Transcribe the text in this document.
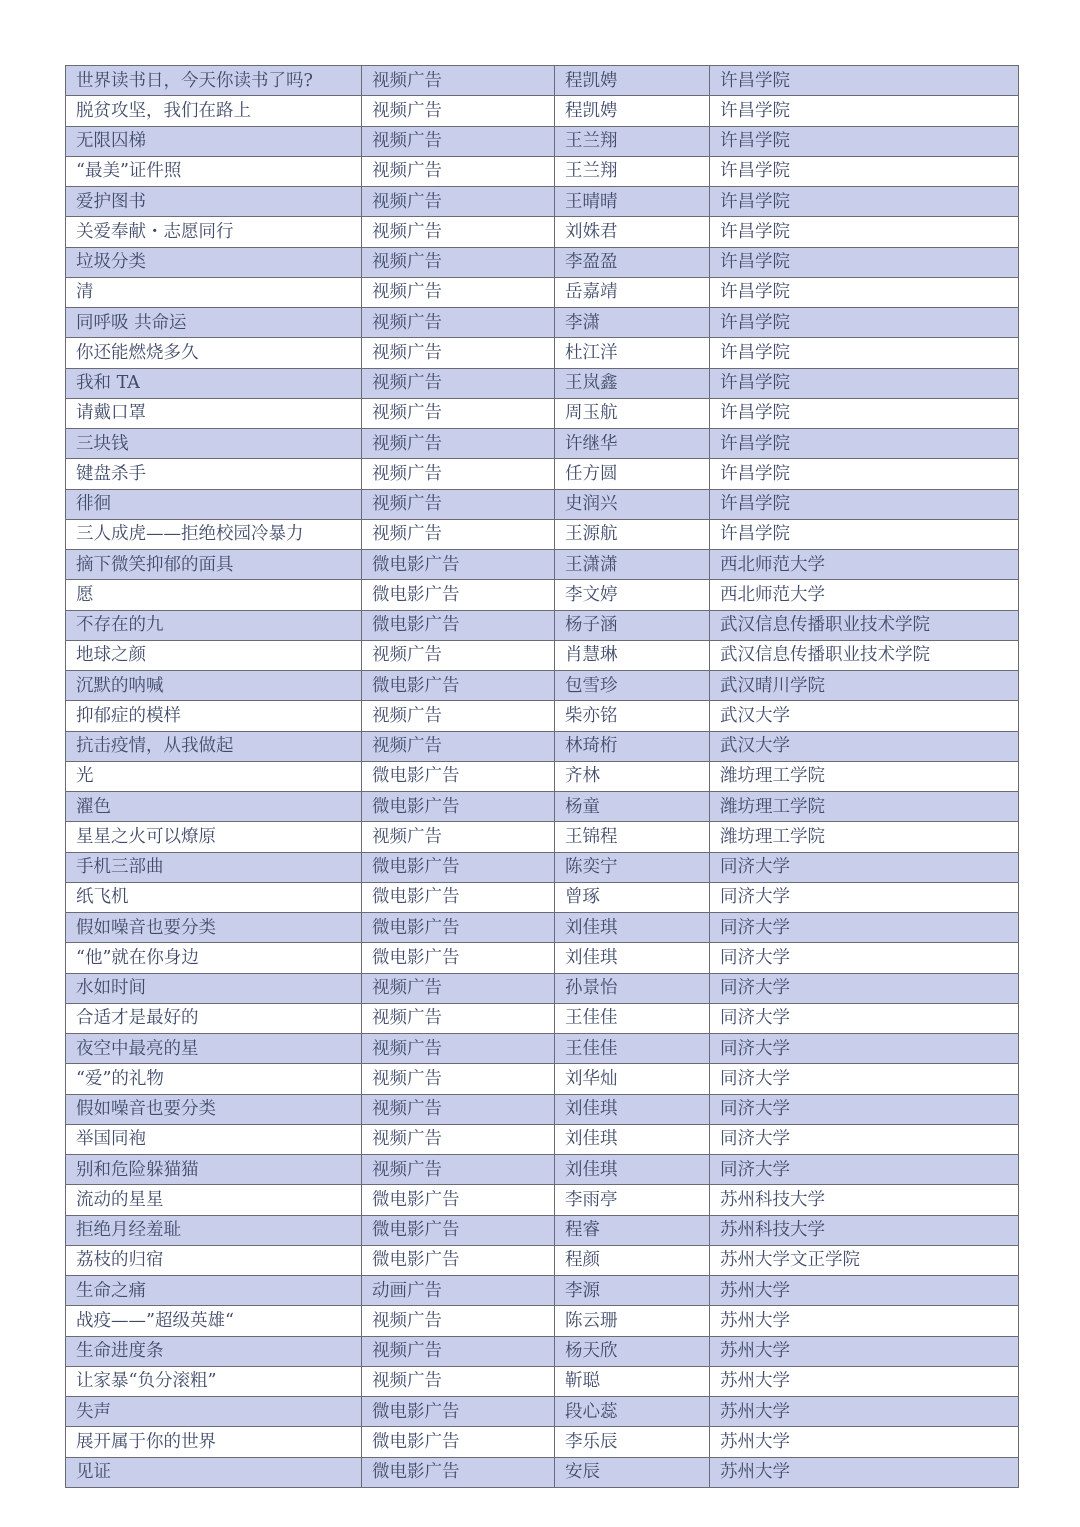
世界读书日，今天你读书了吗?	视频广告	程凯娉	许昌学院
脱贫攻坚，我们在路上	视频广告	程凯娉	许昌学院
无限囚梯	视频广告	王兰翔	许昌学院
“最美”证件照	视频广告	王兰翔	许昌学院
爱护图书	视频广告	王晴晴	许昌学院
关爱奉献・志愿同行	视频广告	刘姝君	许昌学院
垃圾分类	视频广告	李盈盈	许昌学院
清	视频广告	岳嘉靖	许昌学院
同呼吸 共命运	视频广告	李潇	许昌学院
你还能燃烧多久	视频广告	杜江洋	许昌学院
我和 TA	视频广告	王岚鑫	许昌学院
请戴口罩	视频广告	周玉航	许昌学院
三块钱	视频广告	许继华	许昌学院
键盘杀手	视频广告	任方圆	许昌学院
徘徊	视频广告	史润兴	许昌学院
三人成虎——拒绝校园冷暴力	视频广告	王源航	许昌学院
摘下微笑抑郁的面具	微电影广告	王潇潇	西北师范大学
愿	微电影广告	李文婷	西北师范大学
不存在的九	微电影广告	杨子涵	武汉信息传播职业技术学院
地球之颜	视频广告	肖慧琳	武汉信息传播职业技术学院
沉默的呐喊	微电影广告	包雪珍	武汉晴川学院
抑郁症的模样	视频广告	柴亦铭	武汉大学
抗击疫情，从我做起	视频广告	林琦桁	武汉大学
光	微电影广告	齐林	潍坊理工学院
濯色	微电影广告	杨童	潍坊理工学院
星星之火可以燎原	视频广告	王锦程	潍坊理工学院
手机三部曲	微电影广告	陈奕宁	同济大学
纸飞机	微电影广告	曾琢	同济大学
假如噪音也要分类	微电影广告	刘佳琪	同济大学
“他”就在你身边	微电影广告	刘佳琪	同济大学
水如时间	视频广告	孙景怡	同济大学
合适才是最好的	视频广告	王佳佳	同济大学
夜空中最亮的星	视频广告	王佳佳	同济大学
“爱”的礼物	视频广告	刘华灿	同济大学
假如噪音也要分类	视频广告	刘佳琪	同济大学
举国同袍	视频广告	刘佳琪	同济大学
别和危险躲猫猫	视频广告	刘佳琪	同济大学
流动的星星	微电影广告	李雨亭	苏州科技大学
拒绝月经羞耻	微电影广告	程睿	苏州科技大学
荔枝的归宿	微电影广告	程颜	苏州大学文正学院
生命之痛	动画广告	李源	苏州大学
战疫——”超级英雄“	视频广告	陈云珊	苏州大学
生命进度条	视频广告	杨天欣	苏州大学
让家暴“负分滚粗”	视频广告	靳聪	苏州大学
失声	微电影广告	段心蕊	苏州大学
展开属于你的世界	微电影广告	李乐辰	苏州大学
见证	微电影广告	安辰	苏州大学
